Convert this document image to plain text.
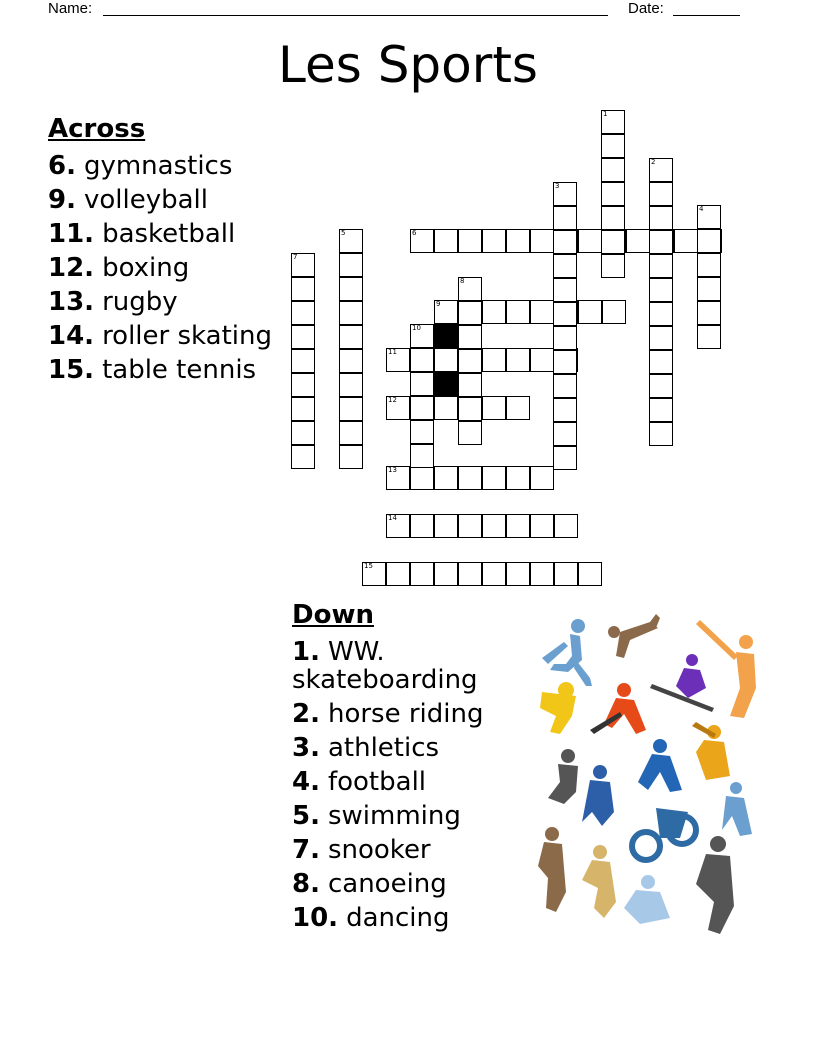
Name:	Date:
Les Sports
Across
6. gymnastics
9. volleyball
11. basketball
12. boxing
13. rugby
14. roller skating
15. table tennis
Down
1. WW. skateboarding
2. horse riding
3. athletics
4. football
5. swimming
7. snooker
8. canoeing
10. dancing
6
9
11
12
13
14
15
1
2
3
4
5
7
8
10
